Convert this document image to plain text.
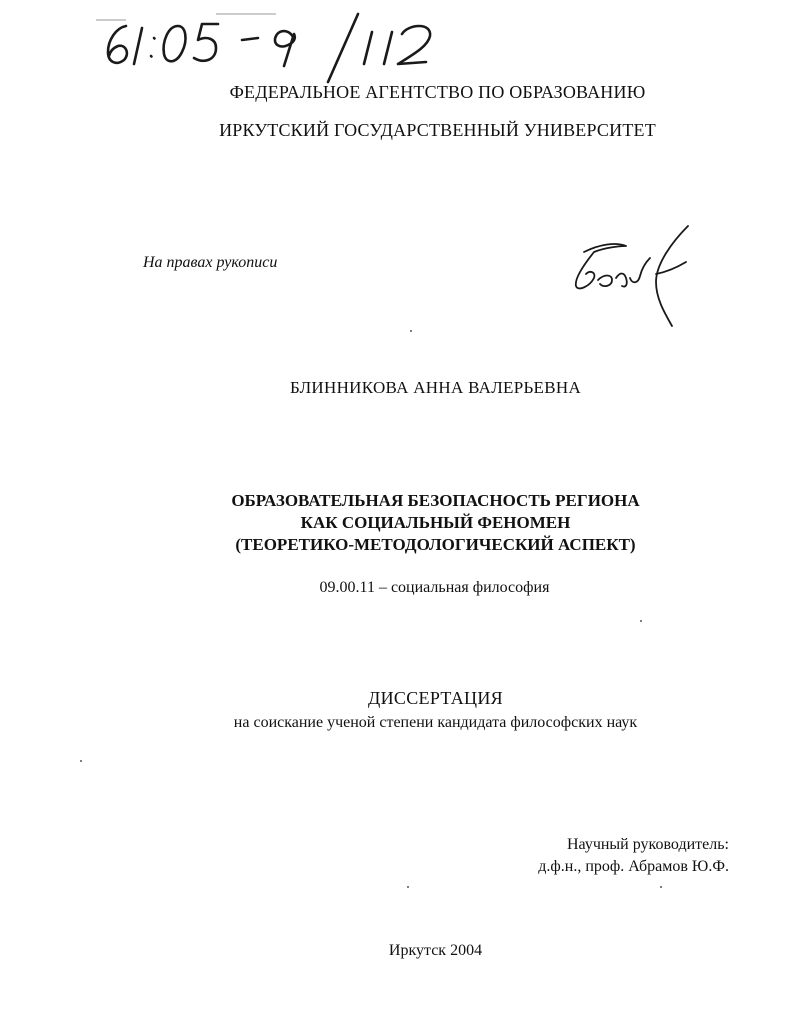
61:05-9/112
ФЕДЕРАЛЬНОЕ АГЕНТСТВО ПО ОБРАЗОВАНИЮ
ИРКУТСКИЙ ГОСУДАРСТВЕННЫЙ УНИВЕРСИТЕТ
На правах рукописи
БЛИННИКОВА АННА ВАЛЕРЬЕВНА
ОБРАЗОВАТЕЛЬНАЯ БЕЗОПАСНОСТЬ РЕГИОНА
КАК СОЦИАЛЬНЫЙ ФЕНОМЕН
(ТЕОРЕТИКО-МЕТОДОЛОГИЧЕСКИЙ АСПЕКТ)
09.00.11 – социальная философия
ДИССЕРТАЦИЯ
на соискание ученой степени кандидата философских наук
Научный руководитель:
д.ф.н., проф. Абрамов Ю.Ф.
Иркутск 2004
